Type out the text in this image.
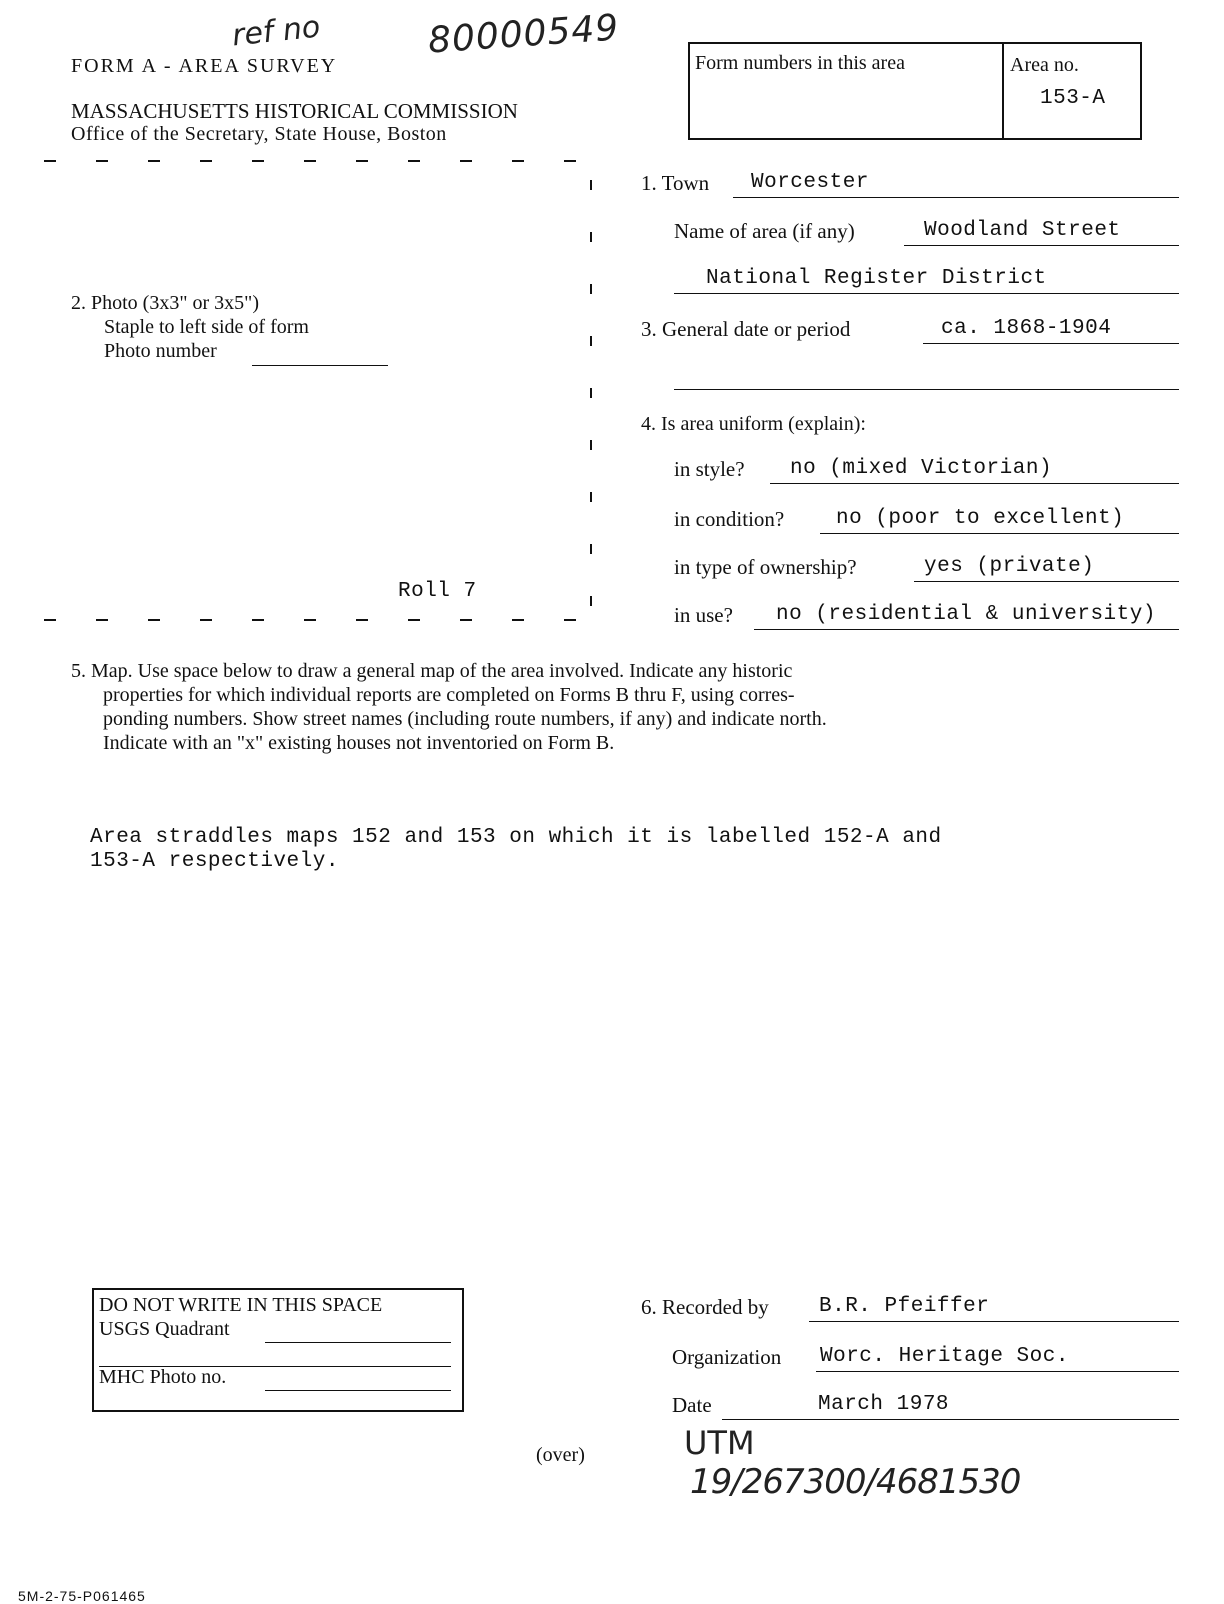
ref no	80000549
FORM A - AREA SURVEY
MASSACHUSETTS HISTORICAL COMMISSION
Office of the Secretary, State House, Boston
Form numbers in this area	Area no.
153-A
2. Photo (3x3" or 3x5")
Staple to left side of form
Photo number
Roll 7
1. Town Worcester
Name of area (if any)	Woodland Street
National Register District
3. General date or period	ca. 1868-1904
4. Is area uniform (explain):
in style? no (mixed Victorian)
in condition? no (poor to excellent)
in type of ownership?	yes (private)
in use? no (residential & university)
5. Map. Use space below to draw a general map of the area involved. Indicate any historic
properties for which individual reports are completed on Forms B thru F, using corres-
ponding numbers. Show street names (including route numbers, if any) and indicate north.
Indicate with an "x" existing houses not inventoried on Form B.
Area straddles maps 152 and 153 on which it is labelled 152-A and
153-A respectively.
DO NOT WRITE IN THIS SPACE
USGS Quadrant
MHC Photo no.
6. Recorded by B.R. Pfeiffer
Organization Worc. Heritage Soc.
Date	March 1978
UTM
19/267300/4681530
(over)
5M-2-75-P061465
